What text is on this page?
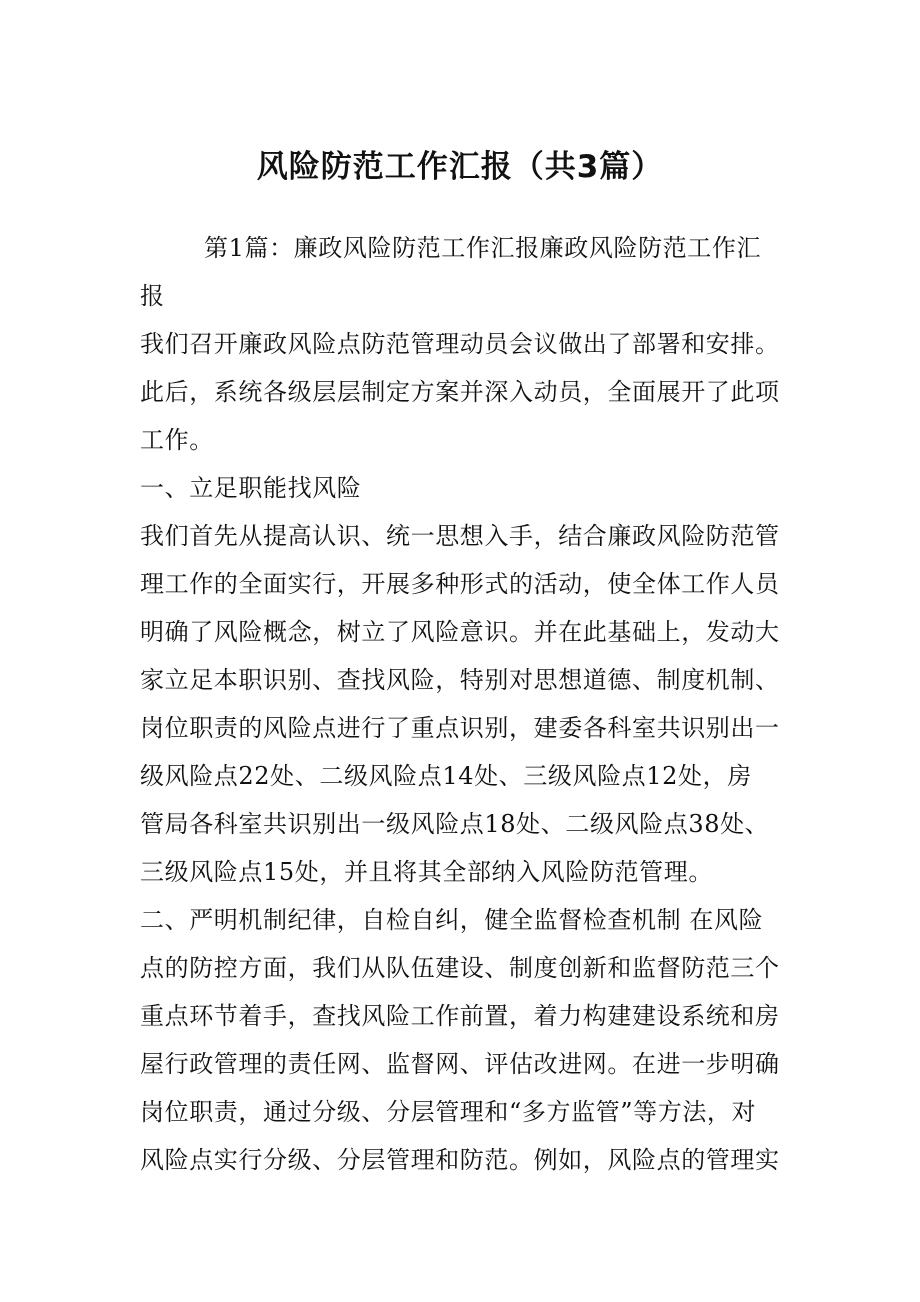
风险防范工作汇报（共3篇）
第1篇：廉政风险防范工作汇报廉政风险防范工作汇
报
我们召开廉政风险点防范管理动员会议做出了部署和安排。
此后，系统各级层层制定方案并深入动员，全面展开了此项
工作。
一、立足职能找风险
我们首先从提高认识、统一思想入手，结合廉政风险防范管
理工作的全面实行，开展多种形式的活动，使全体工作人员
明确了风险概念，树立了风险意识。并在此基础上，发动大
家立足本职识别、查找风险，特别对思想道德、制度机制、
岗位职责的风险点进行了重点识别，建委各科室共识别出一
级风险点22处、二级风险点14处、三级风险点12处，房
管局各科室共识别出一级风险点18处、二级风险点38处、
三级风险点15处，并且将其全部纳入风险防范管理。
二、严明机制纪律，自检自纠，健全监督检查机制 在风险
点的防控方面，我们从队伍建设、制度创新和监督防范三个
重点环节着手，查找风险工作前置，着力构建建设系统和房
屋行政管理的责任网、监督网、评估改进网。在进一步明确
岗位职责，通过分级、分层管理和“多方监管”等方法，对
风险点实行分级、分层管理和防范。例如，风险点的管理实
